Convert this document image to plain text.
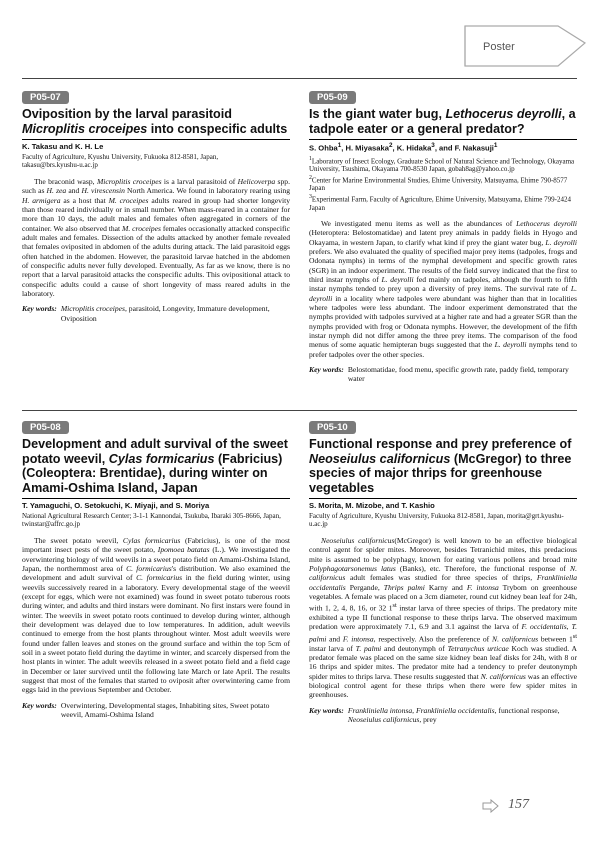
Poster
P05-07
Oviposition by the larval parasitoid Microplitis croceipes into conspecific adults
K. Takasu and K. H. Le
Faculty of Agriculture, Kyushu University, Fukuoka 812-8581, Japan,
takasu@brs.kyushu-u.ac.jp
The braconid wasp, Microplitis croceipes is a larval parasitoid of Helicoverpa spp. such as H. zea and H. virescensin North America. We found in laboratory rearing using H. armigera as a host that M. croceipes adults reared in group had shorter longevity than those reared individually or in small number. When mass-reared in a container for more than 10 days, the adult males and females often aggregated in corners of the container. We also observed that M. croceipes females occasionally attacked conspecific adult males and females. Dissection of the adults attacked by another female revealed that females oviposited in abdomen of the adults during attack. The laid parasitoid eggs often hatched in the abdomen. However, the parasitoid larvae hatched in the abdomen of conspecific adults never fully developed. Eventually, As far as we know, there is no report that a larval parasitoid attacks the conspecific adults. This ovipositional attack to conspecific adults could a cause of short longevity of mass reared adults in the laboratory.
Key words: Microplitis croceipes, parasitoid, Longevity, Immature development, Oviposition
P05-09
Is the giant water bug, Lethocerus deyrolli, a tadpole eater or a general predator?
S. Ohba$^1$, H. Miyasaka$^2$, K. Hidaka$^3$, and F. Nakasuji$^1$
$^1$Laboratory of Insect Ecology, Graduate School of Natural Science and Technology, Okayama University, Tsushima, Okayama 700-8530 Japan, gobah8ag@yahoo.co.jp
$^2$Center for Marine Environmental Studies, Ehime University, Matsuyama, Ehime 790-8577 Japan
$^3$Experimental Farm, Faculty of Agriculture, Ehime University, Matsuyama, Ehime 799-2424 Japan
We investigated menu items as well as the abundances of Lethocerus deyrolli (Heteroptera: Belostomatidae) and latent prey animals in paddy fields in Hyogo and Okayama, in western Japan, to clarify what kind if prey the giant water bug, L. deyrolli prefers. We also evaluated the quality of specified major prey items (tadpoles, frogs and Odonata nymphs) in terms of the nymphal development and specific growth rates (SGR) in an indoor experiment. The results of the field survey indicated that the first to third instar nymphs of L. deyrolli fed mainly on tadpoles, although the fourth to fifth instar nymphs tended to prey upon a diversity of prey items. The survival rate of L. deyrolli in a locality where tadpoles were abundant was higher than that in localities where tadpoles were less abundant. The indoor experiment demonstrated that the nymphs provided with tadpoles survived at a higher rate and had a greater SGR than the nymphs provided with frog or Odonata nymphs. However, the development of the fifth instar nymph did not differ among the three prey items. The comparison of the food menus of some aquatic hemipteran bugs suggested that the L. deyrolli nymphs tend to prefer tadpoles over the other species.
Key words: Belostomatidae, food menu, specific growth rate, paddy field, temporary water
P05-08
Development and adult survival of the sweet potato weevil, Cylas formicarius (Fabricius) (Coleoptera: Brentidae), during winter on Amami-Oshima Island, Japan
T. Yamaguchi, O. Setokuchi, K. Miyaji, and S. Moriya
National Agricultural Research Center; 3-1-1 Kannondai, Tsukuba, Ibaraki 305-8666, Japan, twinstar@affrc.go.jp
The sweet potato weevil, Cylas formicarius (Fabricius), is one of the most important insect pests of the sweet potato, Ipomoea batatas (L.). We investigated the overwintering biology of wild weevils in a sweet potato field on Amami-Oshima Island, Japan, the northernmost area of C. formicarius's distribution. We also examined the development and adult survival of C. formicarius in the field during winter, using weevils successively reared in a laboratory. Every developmental stage of the weevil (except for eggs, which were not examined) was found in sweet potato tuberous roots during winter, and adults and third instars were dominant. No first instars were found in winter. The weevils in sweet potato roots continued to develop during winter, although their development was delayed due to low temperatures. In addition, adult weevils continued to emerge from the host plants throughout winter. Most adult weevils were found under fallen leaves and stones on the ground surface and within the top 5cm of soil in a sweet potato field during the daytime in winter, and scarcely dispersed from the host plants in winter. The adult weevils released in a sweet potato field and a field cage in December or later survived until the following late March or late April. The results suggest that most of the females that started to oviposit after overwintering came from eggs laid in the previous September and October.
Key words: Overwintering, Developmental stages, Inhabiting sites, Sweet potato weevil, Amami-Oshima Island
P05-10
Functional response and prey preference of Neoseiulus californicus (McGregor) to three species of major thrips for greenhouse vegetables
S. Morita, M. Mizobe, and T. Kashio
Faculty of Agriculture, Kyushu University, Fukuoka 812-8581, Japan, morita@grt.kyushu-u.ac.jp
Neoseiulus californicus(McGregor) is well known to be an effective biological control agent for spider mites. Moreover, besides Tetranichid mites, this predacious mite is assumed to be polyphagy, known for eating various pollens and broad mite Polyphagotarsonemus latus (Banks), etc. Therefore, the functional response of N. californicus adult females was studied for three species of thrips, Frankliniella occidentalis Pergande, Thrips palmi Karny and F. intonsa Trybom on greenhouse vegetables. A female was placed on a 3cm diameter, round cut kidney bean leaf for 24h, with 1, 2, 4, 8, 16, or 32 1st instar larva of three species of thrips. The predatory mite exhibited a type II functional response to these thrips larva. The observed maximum predation were approximately 7.1, 6.9 and 3.1 against the larva of F. occidentalis, T. palmi and F. intonsa, respectively. Also the preference of N. californicus between 1st instar larva of T. palmi and deutonymph of Tetranychus urticae Koch was studied. A predator female was placed on the same size kidney bean leaf disks for 24h, with 8 or 16 thrips and spider mites. The predator mite had a tendency to prefer deutonymph spider mites to thrips larva. These results suggested that N. californicus was an effective biological control agent for these thrips when there were few spider mites in greenhouses.
Key words: Frankliniella intonsa, Frankliniella occidentalis, functional response, Neoseiulus californicus, prey
157
